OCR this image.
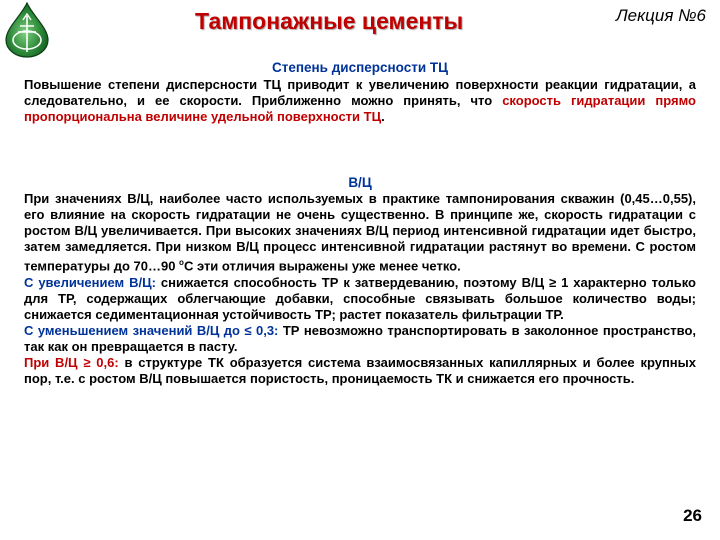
Тампонажные цементы	Лекция №6
Степень дисперсности ТЦ

Повышение степени дисперсности ТЦ приводит к увеличению поверхности реакции гидратации, а следовательно, и ее скорости. Приближенно можно принять, что скорость гидратации прямо пропорциональна величине удельной поверхности ТЦ.

В/Ц

При значениях В/Ц, наиболее часто используемых в практике тампонирования скважин (0,45…0,55), его влияние на скорость гидратации не очень существенно. В принципе же, скорость гидратации с ростом В/Ц увеличивается. При высоких значениях В/Ц период интенсивной гидратации идет быстро, затем замедляется. При низком В/Ц процесс интенсивной гидратации растянут во времени. С ростом температуры до 70…90 $^о$С эти отличия выражены уже менее четко.
С увеличением В/Ц: снижается способность ТР к затвердеванию, поэтому В/Ц ≥ 1 характерно только для ТР, содержащих облегчающие добавки, способные связывать большое количество воды; снижается седиментационная устойчивость ТР; растет показатель фильтрации ТР.
С уменьшением значений В/Ц до ≤ 0,3: ТР невозможно транспортировать в заколонное пространство, так как он превращается в пасту.
При В/Ц ≥ 0,6: в структуре ТК образуется система взаимосвязанных капиллярных и более крупных пор, т.е. с ростом В/Ц повышается пористость, проницаемость ТК и снижается его прочность.

26
